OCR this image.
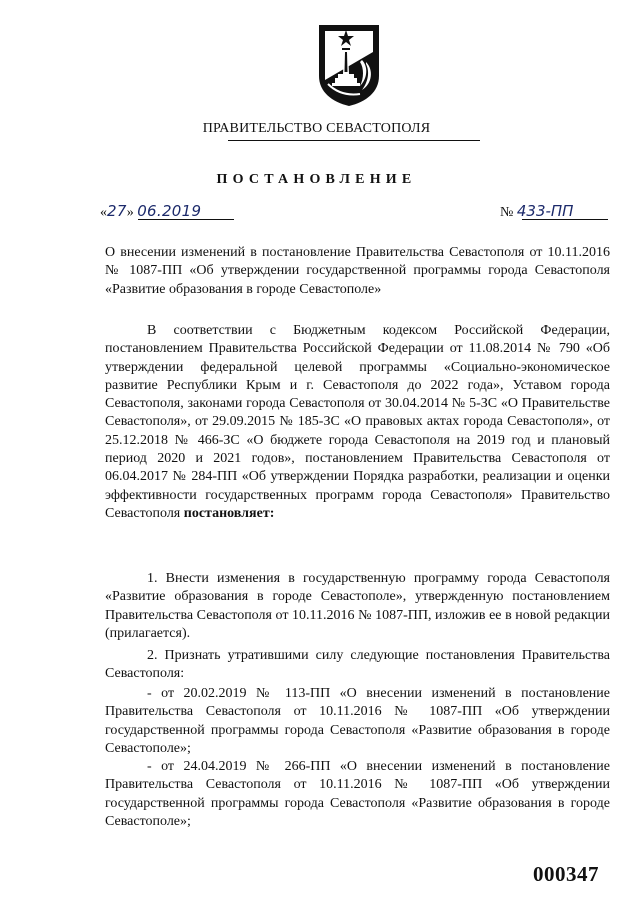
ПРАВИТЕЛЬСТВО СЕВАСТОПОЛЯ
ПОСТАНОВЛЕНИЕ
«27» 06.2019	№ 433-ПП
О внесении изменений в постановление Правительства Севастополя от 10.11.2016 № 1087-ПП «Об утверждении государственной программы города Севастополя «Развитие образования в городе Севастополе»
В соответствии с Бюджетным кодексом Российской Федерации, постановлением Правительства Российской Федерации от 11.08.2014 № 790 «Об утверждении федеральной целевой программы «Социально-экономическое развитие Республики Крым и г. Севастополя до 2022 года», Уставом города Севастополя, законами города Севастополя от 30.04.2014 № 5-ЗС «О Правительстве Севастополя», от 29.09.2015 № 185-ЗС «О правовых актах города Севастополя», от 25.12.2018 № 466-ЗС «О бюджете города Севастополя на 2019 год и плановый период 2020 и 2021 годов», постановлением Правительства Севастополя от 06.04.2017 № 284-ПП «Об утверждении Порядка разработки, реализации и оценки эффективности государственных программ города Севастополя» Правительство Севастополя постановляет:
1. Внести изменения в государственную программу города Севастополя «Развитие образования в городе Севастополе», утвержденную постановлением Правительства Севастополя от 10.11.2016 № 1087-ПП, изложив ее в новой редакции (прилагается).
2. Признать утратившими силу следующие постановления Правительства Севастополя:
- от 20.02.2019 № 113-ПП «О внесении изменений в постановление Правительства Севастополя от 10.11.2016 № 1087-ПП «Об утверждении государственной программы города Севастополя «Развитие образования в городе Севастополе»;
- от 24.04.2019 № 266-ПП «О внесении изменений в постановление Правительства Севастополя от 10.11.2016 № 1087-ПП «Об утверждении государственной программы города Севастополя «Развитие образования в городе Севастополе»;
000347
